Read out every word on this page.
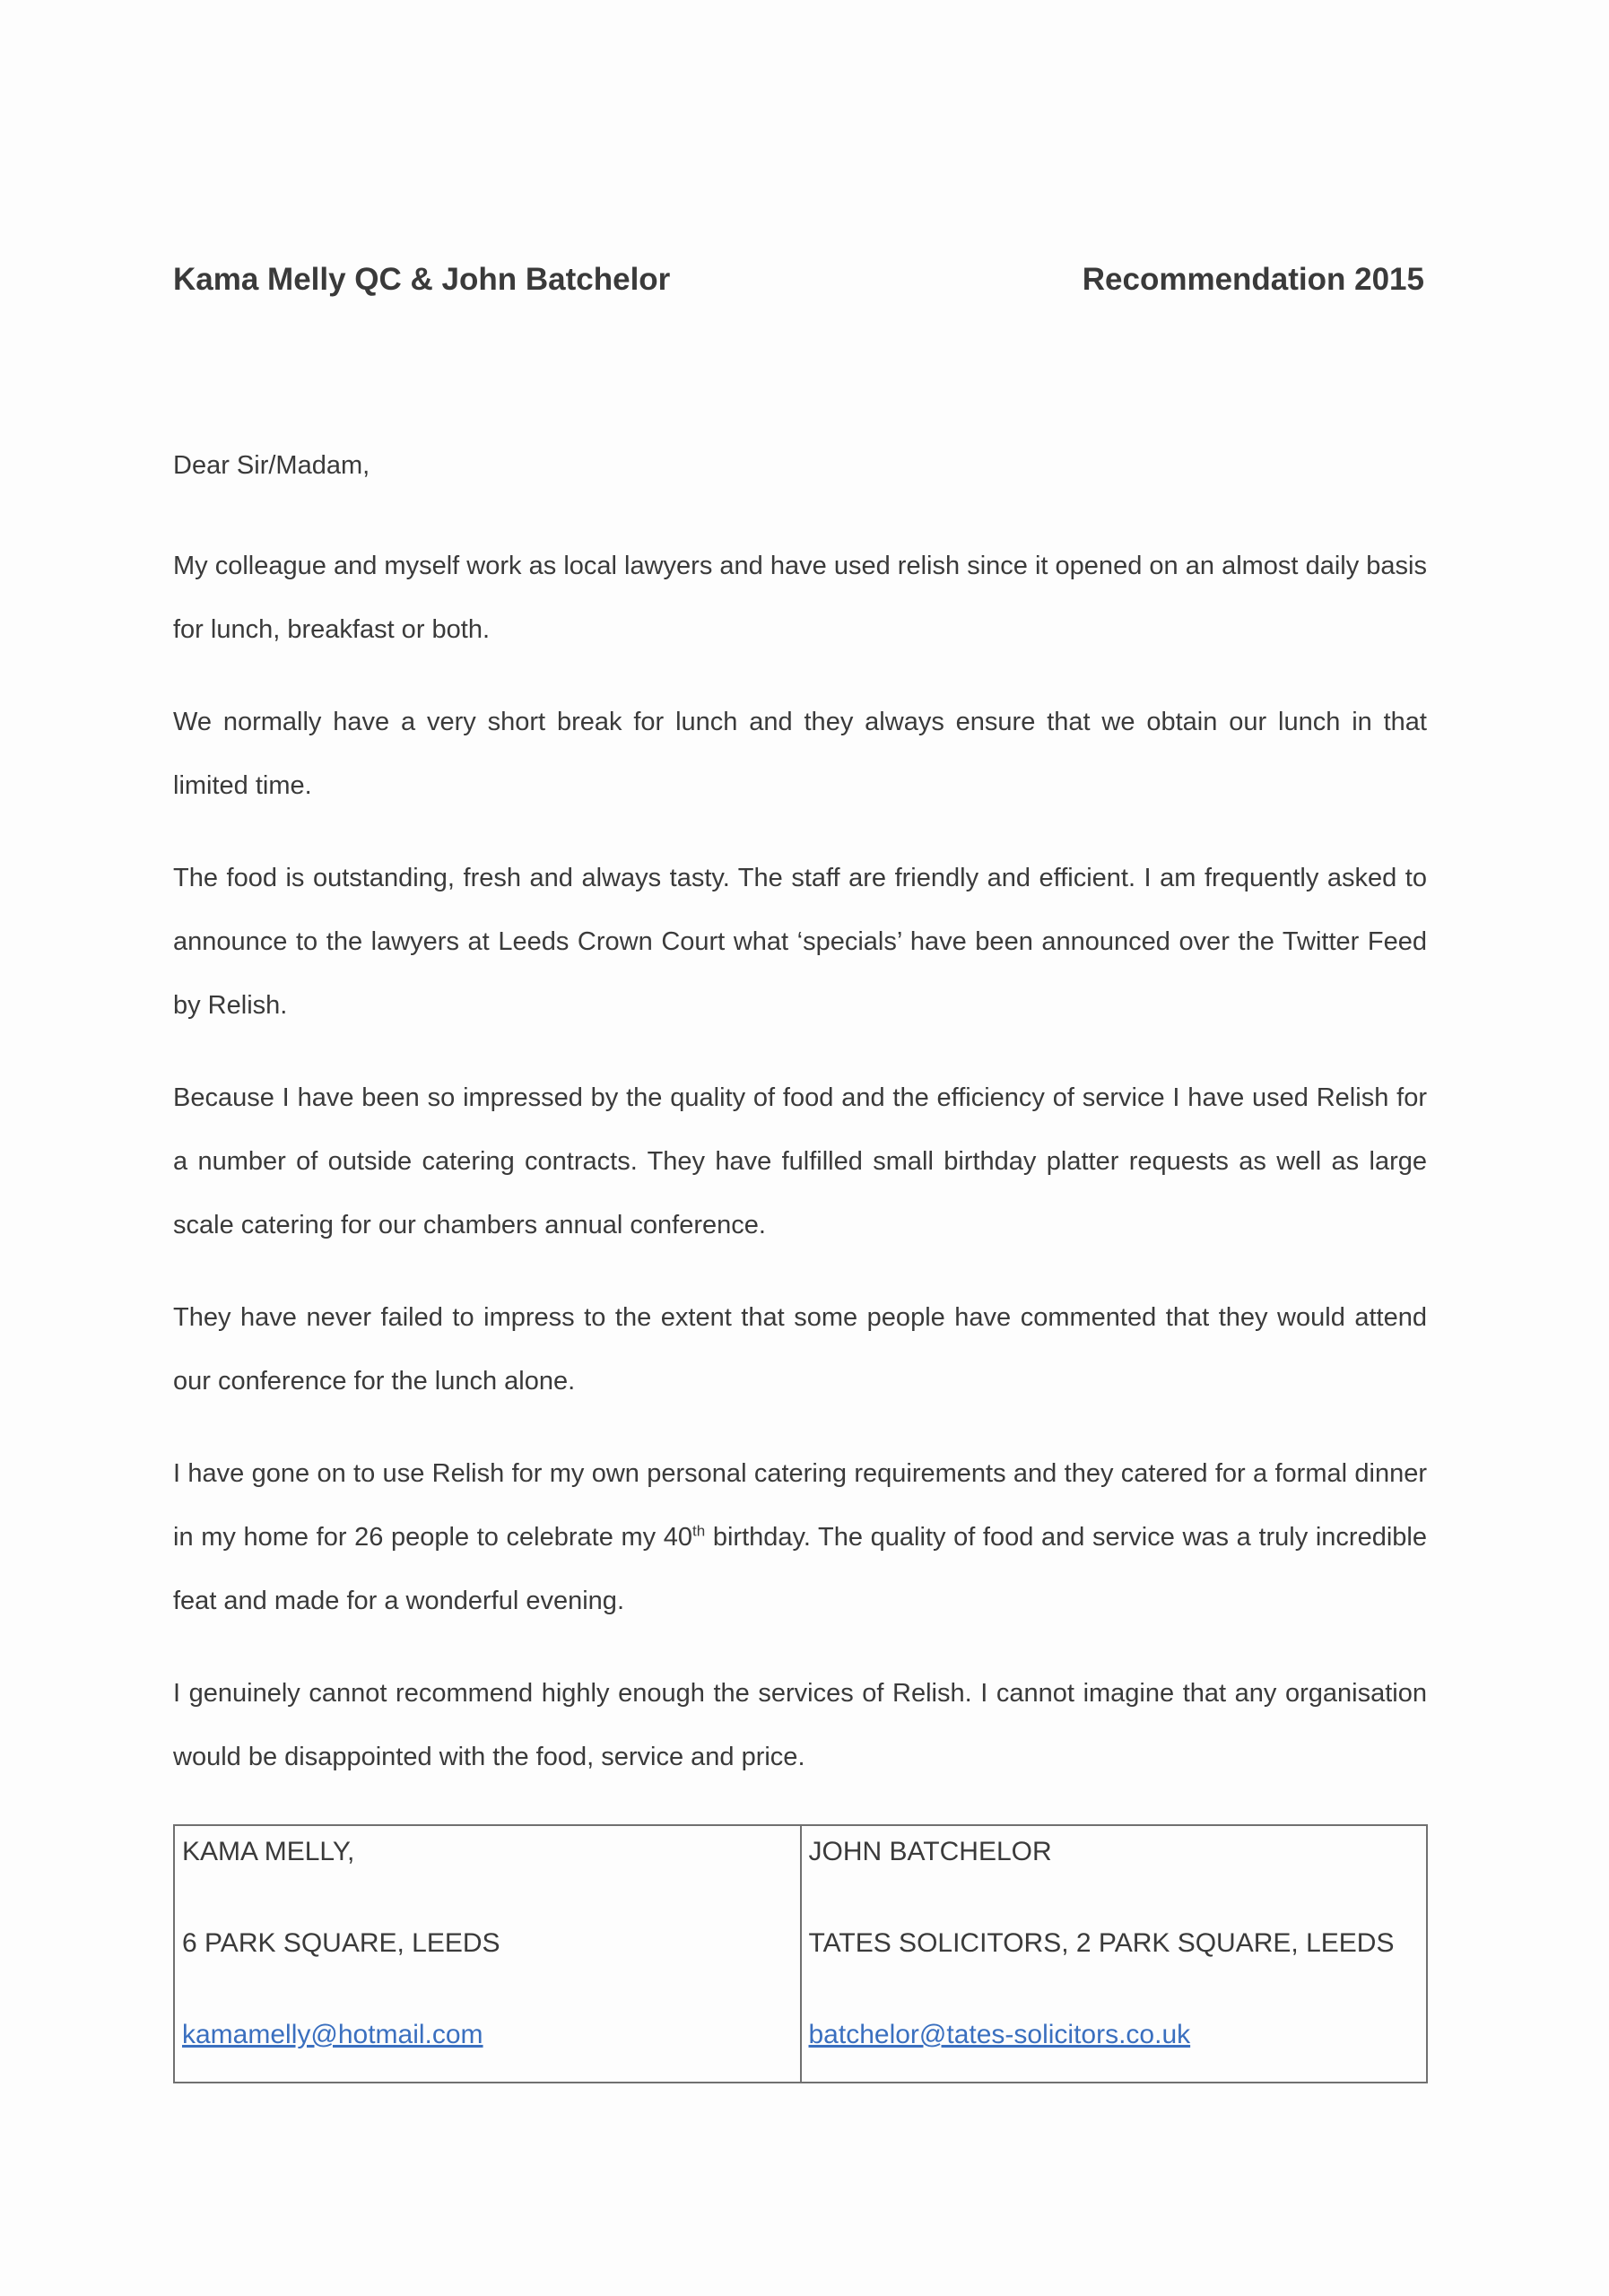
Kama Melly QC & John Batchelor	Recommendation 2015
Dear Sir/Madam,

My colleague and myself work as local lawyers and have used relish since it opened on an almost daily basis for lunch, breakfast or both.

We normally have a very short break for lunch and they always ensure that we obtain our lunch in that limited time.

The food is outstanding, fresh and always tasty. The staff are friendly and efficient. I am frequently asked to announce to the lawyers at Leeds Crown Court what ‘specials’ have been announced over the Twitter Feed by Relish.

Because I have been so impressed by the quality of food and the efficiency of service I have used Relish for a number of outside catering contracts. They have fulfilled small birthday platter requests as well as large scale catering for our chambers annual conference.

They have never failed to impress to the extent that some people have commented that they would attend our conference for the lunch alone.

I have gone on to use Relish for my own personal catering requirements and they catered for a formal dinner in my home for 26 people to celebrate my 40th birthday. The quality of food and service was a truly incredible feat and made for a wonderful evening.

I genuinely cannot recommend highly enough the services of Relish. I cannot imagine that any organisation would be disappointed with the food, service and price.

KAMA MELLY,
6 PARK SQUARE, LEEDS
kamamelly@hotmail.com
JOHN BATCHELOR
TATES SOLICITORS, 2 PARK SQUARE, LEEDS
batchelor@tates-solicitors.co.uk
